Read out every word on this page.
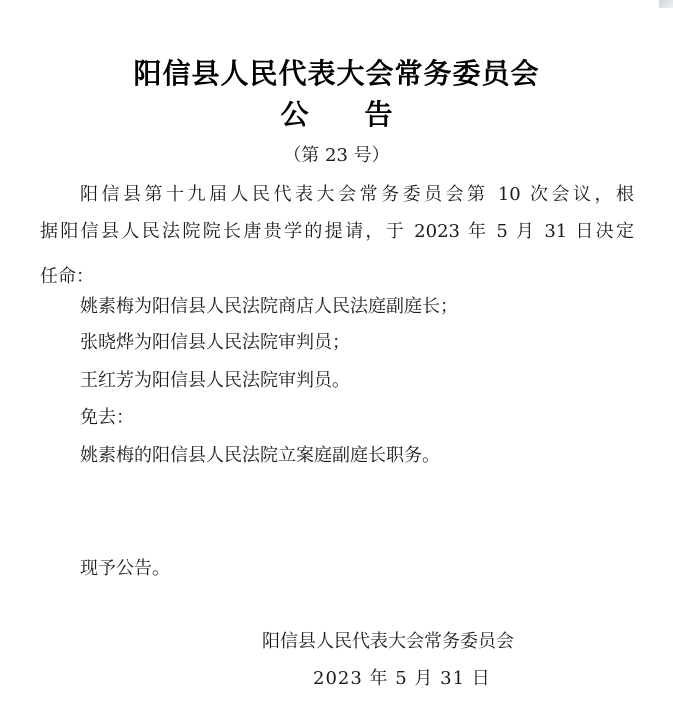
阳信县人民代表大会常务委员会
公 告
（第 23 号）
阳信县第十九届人民代表大会常务委员会第 10 次会议，根
据阳信县人民法院院长唐贵学的提请，于 2023 年 5 月 31 日决定
任命：
姚素梅为阳信县人民法院商店人民法庭副庭长；
张晓烨为阳信县人民法院审判员；
王红芳为阳信县人民法院审判员。
免去：
姚素梅的阳信县人民法院立案庭副庭长职务。
现予公告。
阳信县人民代表大会常务委员会
2023 年 5 月 31 日
